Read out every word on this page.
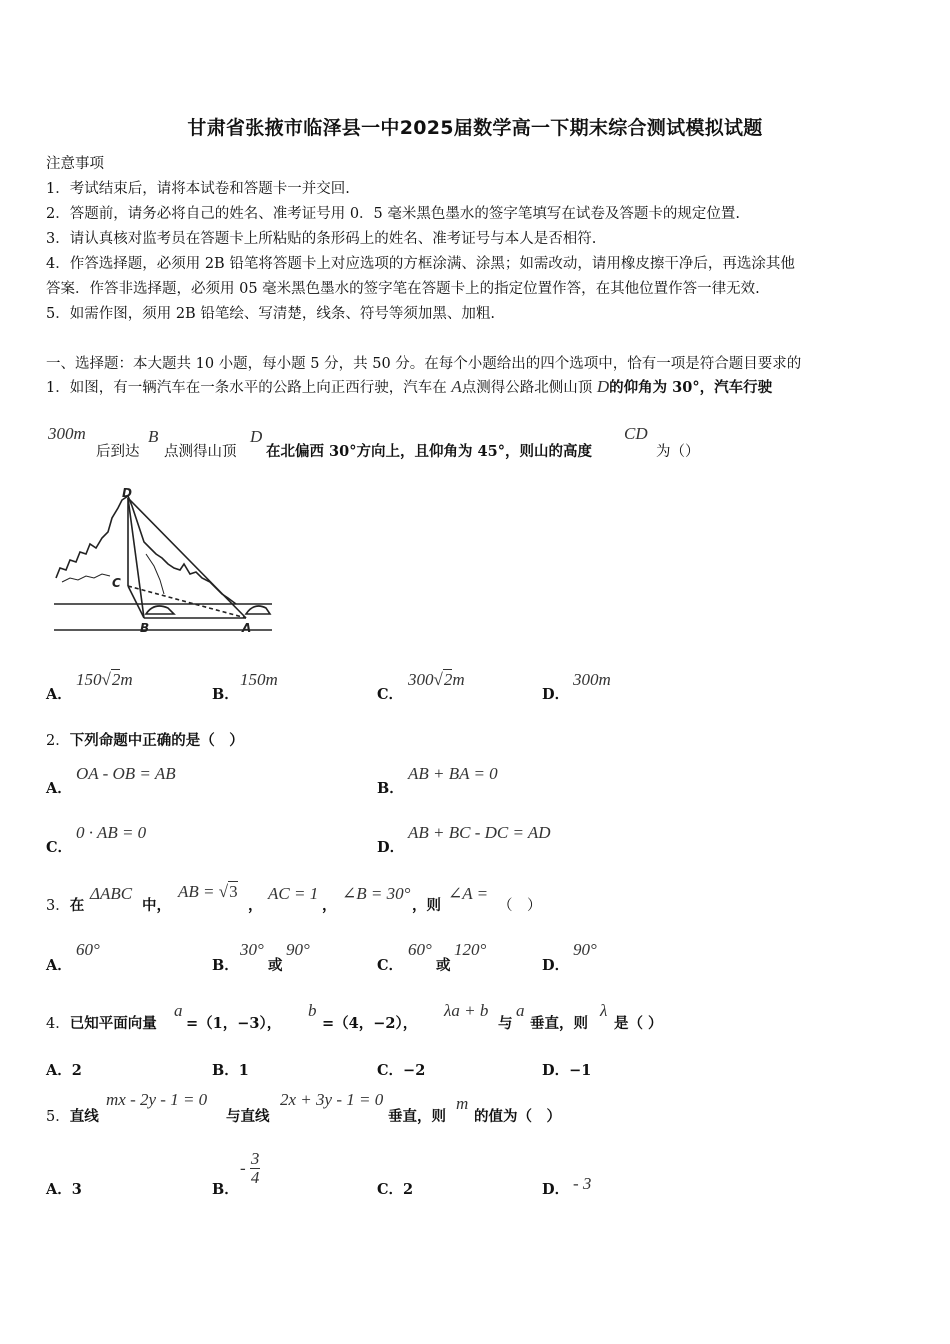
甘肃省张掖市临泽县一中2025届数学高一下期末综合测试模拟试题
注意事项
1．考试结束后，请将本试卷和答题卡一并交回.
2．答题前，请务必将自己的姓名、准考证号用 0．5 毫米黑色墨水的签字笔填写在试卷及答题卡的规定位置.
3．请认真核对监考员在答题卡上所粘贴的条形码上的姓名、准考证号与本人是否相符.
4．作答选择题，必须用 2B 铅笔将答题卡上对应选项的方框涂满、涂黑；如需改动，请用橡皮擦干净后，再选涂其他
答案．作答非选择题，必须用 05 毫米黑色墨水的签字笔在答题卡上的指定位置作答，在其他位置作答一律无效.
5．如需作图，须用 2B 铅笔绘、写清楚，线条、符号等须加黑、加粗.
一、选择题：本大题共 10 小题，每小题 5 分，共 50 分。在每个小题给出的四个选项中，恰有一项是符合题目要求的
1．如图，有一辆汽车在一条水平的公路上向正西行驶，汽车在 A点测得公路北侧山顶 D的仰角为 30°，汽车行驶
300m
后到达
B
点测得山顶
D
在北偏西 30°方向上，且仰角为 45°，则山的高度
CD
为（）
D
C
B	A
A．
150√2m
B．
150m
C．
300√2m
D．
300m
2．下列命题中正确的是（　）
A．
OA - OB = AB
B．
AB + BA = 0
C．
0 · AB = 0
D．
AB + BC - DC = AD
3．在
ΔABC
中，
AB = √3
，
AC = 1
，
∠B = 30°
，则
∠A =
（　）
A．
60°
B．
30°
或
90°
C．
60°
或
120°
D．
90°
4．已知平面向量
a
=（1，−3），
b
=（4，−2），
λa + b
与
a
垂直，则
λ
是（ ）
A．2	B．1	C．−2	D．−1
5．直线
mx - 2y - 1 = 0
与直线
2x + 3y - 1 = 0
垂直，则
m
的值为（　）
A．3	B．
- $\frac{3}{4}$
C．2	D． - 3
